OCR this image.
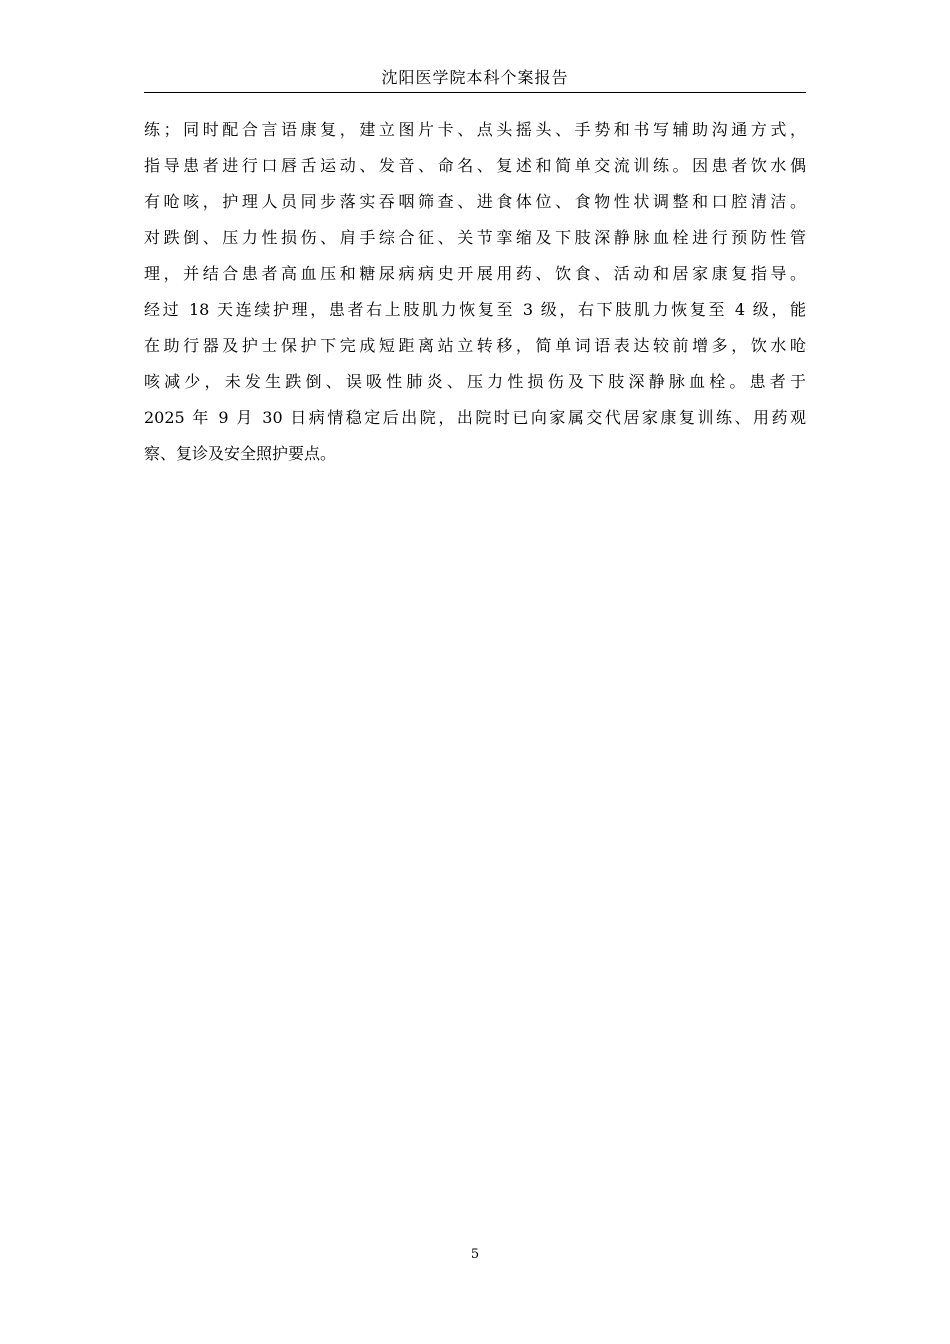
沈阳医学院本科个案报告
练；同时配合言语康复，建立图片卡、点头摇头、手势和书写辅助沟通方式，
指导患者进行口唇舌运动、发音、命名、复述和简单交流训练。因患者饮水偶
有呛咳，护理人员同步落实吞咽筛查、进食体位、食物性状调整和口腔清洁。
对跌倒、压力性损伤、肩手综合征、关节挛缩及下肢深静脉血栓进行预防性管
理，并结合患者高血压和糖尿病病史开展用药、饮食、活动和居家康复指导。
经过 18 天连续护理，患者右上肢肌力恢复至 3 级，右下肢肌力恢复至 4 级，能
在助行器及护士保护下完成短距离站立转移，简单词语表达较前增多，饮水呛
咳减少，未发生跌倒、误吸性肺炎、压力性损伤及下肢深静脉血栓。患者于
2025 年 9 月 30 日病情稳定后出院，出院时已向家属交代居家康复训练、用药观
察、复诊及安全照护要点。
5
